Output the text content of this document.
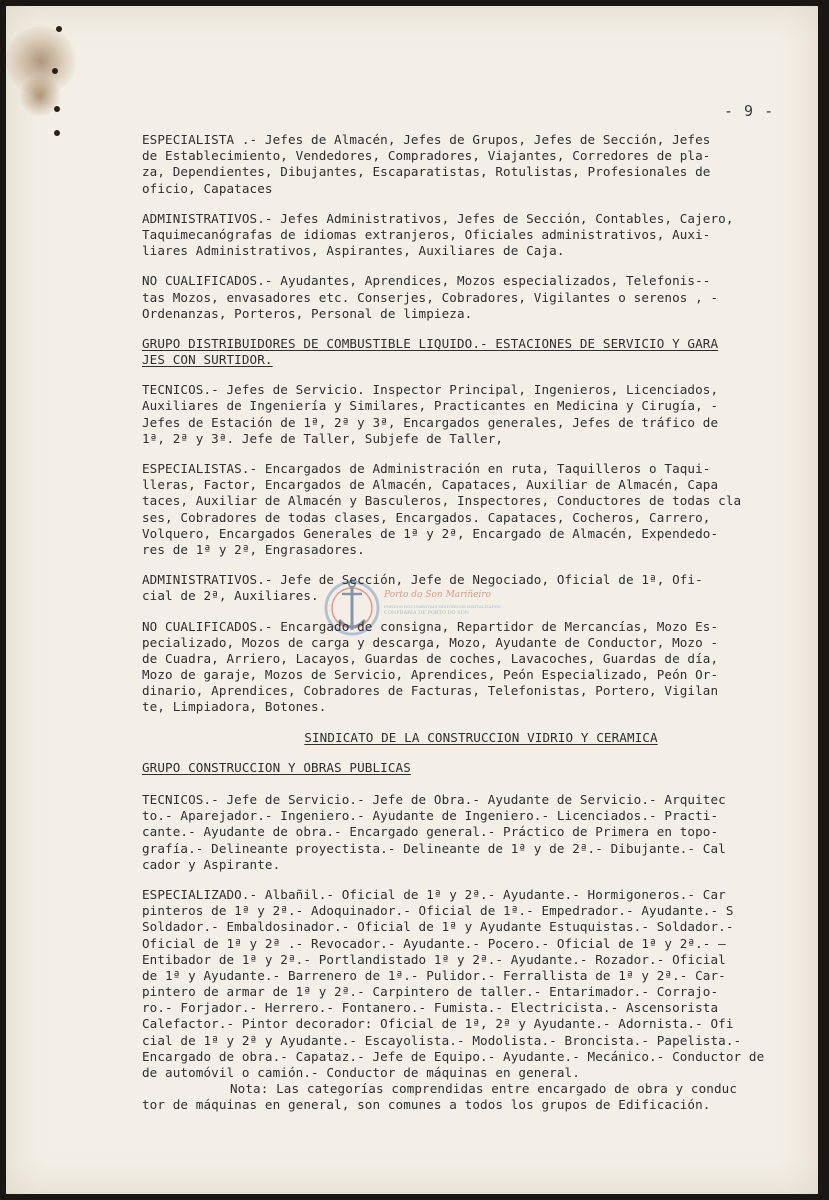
- 9 -
Porto do Son Mariñeiro
FONDOS DOCUMENTAIS HISTÓRICOS DIXITALIZADOS
CONFRARÍA DE PORTO DO SON
ESPECIALISTA .- Jefes de Almacén, Jefes de Grupos, Jefes de Sección, Jefes
de Establecimiento, Vendedores, Compradores, Viajantes, Corredores de pla-
za, Dependientes, Dibujantes, Escaparatistas, Rotulistas, Profesionales de
oficio, Capataces
ADMINISTRATIVOS.- Jefes Administrativos, Jefes de Sección, Contables, Cajero,
Taquimecanógrafas de idiomas extranjeros, Oficiales administrativos, Auxi-
liares Administrativos, Aspirantes, Auxiliares de Caja.
NO CUALIFICADOS.- Ayudantes, Aprendices, Mozos especializados, Telefonis--
tas Mozos, envasadores etc. Conserjes, Cobradores, Vigilantes o serenos , -
Ordenanzas, Porteros, Personal de limpieza.
GRUPO DISTRIBUIDORES DE COMBUSTIBLE LIQUIDO.- ESTACIONES DE SERVICIO Y GARA
JES CON SURTIDOR.
TECNICOS.- Jefes de Servicio. Inspector Principal, Ingenieros, Licenciados,
Auxiliares de Ingeniería y Similares, Practicantes en Medicina y Cirugía, -
Jefes de Estación de 1ª, 2ª y 3ª, Encargados generales, Jefes de tráfico de
1ª, 2ª y 3ª. Jefe de Taller, Subjefe de Taller,
ESPECIALISTAS.- Encargados de Administración en ruta, Taquilleros o Taqui-
lleras, Factor, Encargados de Almacén, Capataces, Auxiliar de Almacén, Capa
taces, Auxiliar de Almacén y Basculeros, Inspectores, Conductores de todas cla
ses, Cobradores de todas clases, Encargados. Capataces, Cocheros, Carrero,
Volquero, Encargados Generales de 1ª y 2ª, Encargado de Almacén, Expendedo-
res de 1ª y 2ª, Engrasadores.
ADMINISTRATIVOS.- Jefe de Sección, Jefe de Negociado, Oficial de 1ª, Ofi-
cial de 2ª, Auxiliares.
NO CUALIFICADOS.- Encargado de consigna, Repartidor de Mercancías, Mozo Es-
pecializado, Mozos de carga y descarga, Mozo, Ayudante de Conductor, Mozo -
de Cuadra, Arriero, Lacayos, Guardas de coches, Lavacoches, Guardas de día,
Mozo de garaje, Mozos de Servicio, Aprendices, Peón Especializado, Peón Or-
dinario, Aprendices, Cobradores de Facturas, Telefonistas, Portero, Vigilan
te, Limpiadora, Botones.
SINDICATO DE LA CONSTRUCCION VIDRIO Y CERAMICA
GRUPO CONSTRUCCION Y OBRAS PUBLICAS
TECNICOS.- Jefe de Servicio.- Jefe de Obra.- Ayudante de Servicio.- Arquitec
to.- Aparejador.- Ingeniero.- Ayudante de Ingeniero.- Licenciados.- Practi-
cante.- Ayudante de obra.- Encargado general.- Práctico de Primera en topo-
grafía.- Delineante proyectista.- Delineante de 1ª y de 2ª.- Dibujante.- Cal
cador y Aspirante.
ESPECIALIZADO.- Albañil.- Oficial de 1ª y 2ª.- Ayudante.- Hormigoneros.- Car
pinteros de 1ª y 2ª.- Adoquinador.- Oficial de 1ª.- Empedrador.- Ayudante.- S
Soldador.- Embaldosinador.- Oficial de 1ª y Ayudante Estuquistas.- Soldador.-
Oficial de 1ª y 2ª .- Revocador.- Ayudante.- Pocero.- Oficial de 1ª y 2ª.- —
Entibador de 1ª y 2ª.- Portlandistado 1ª y 2ª.- Ayudante.- Rozador.- Oficial
de 1ª y Ayudante.- Barrenero de 1ª.- Pulidor.- Ferrallista de 1ª y 2ª.- Car-
pintero de armar de 1ª y 2ª.- Carpintero de taller.- Entarimador.- Corrajo-
ro.- Forjador.- Herrero.- Fontanero.- Fumista.- Electricista.- Ascensorista
Calefactor.- Pintor decorador: Oficial de 1ª, 2ª y Ayudante.- Adornista.- Ofi
cial de 1ª y 2ª y Ayudante.- Escayolista.- Modolista.- Broncista.- Papelista.-
Encargado de obra.- Capataz.- Jefe de Equipo.- Ayudante.- Mecánico.- Conductor de
de automóvil o camión.- Conductor de máquinas en general.
Nota: Las categorías comprendidas entre encargado de obra y conduc
tor de máquinas en general, son comunes a todos los grupos de Edificación.
